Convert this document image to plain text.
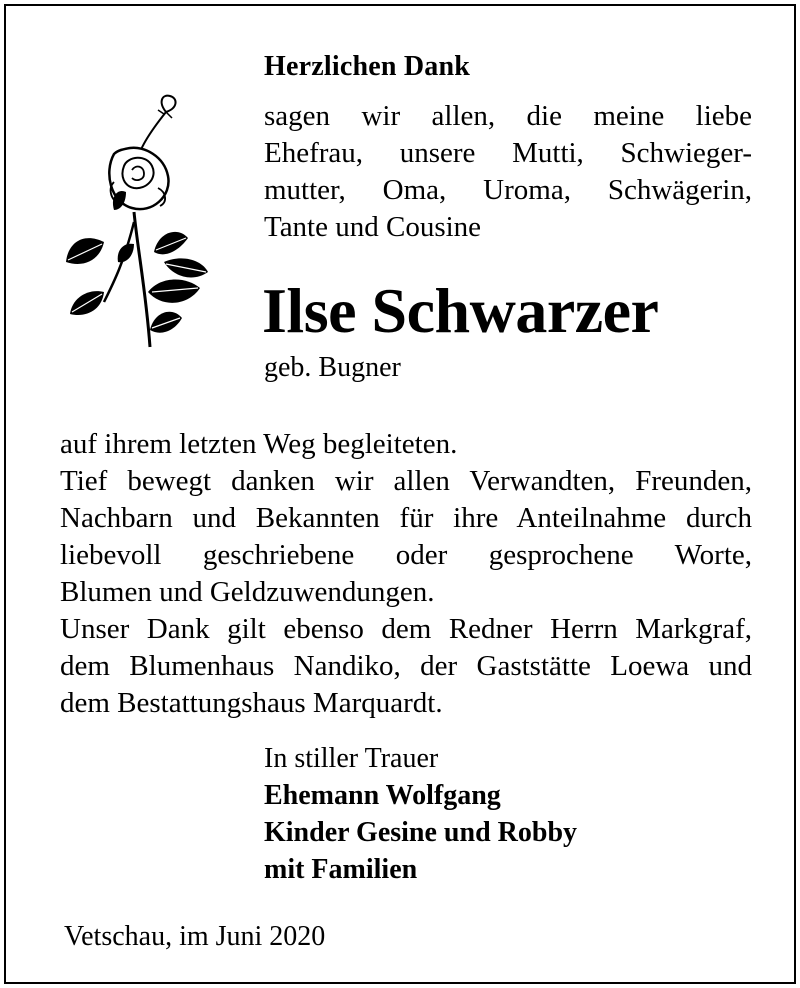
Herzlichen Dank
sagen wir allen, die meine liebe
Ehefrau, unsere Mutti, Schwieger-
mutter, Oma, Uroma, Schwägerin,
Tante und Cousine
Ilse Schwarzer
geb. Bugner
auf ihrem letzten Weg begleiteten.
Tief bewegt danken wir allen Verwandten, Freunden,
Nachbarn und Bekannten für ihre Anteilnahme durch
liebevoll geschriebene oder gesprochene Worte,
Blumen und Geldzuwendungen.
Unser Dank gilt ebenso dem Redner Herrn Markgraf,
dem Blumenhaus Nandiko, der Gaststätte Loewa und
dem Bestattungshaus Marquardt.
In stiller Trauer
Ehemann Wolfgang
Kinder Gesine und Robby
mit Familien
Vetschau, im Juni 2020
